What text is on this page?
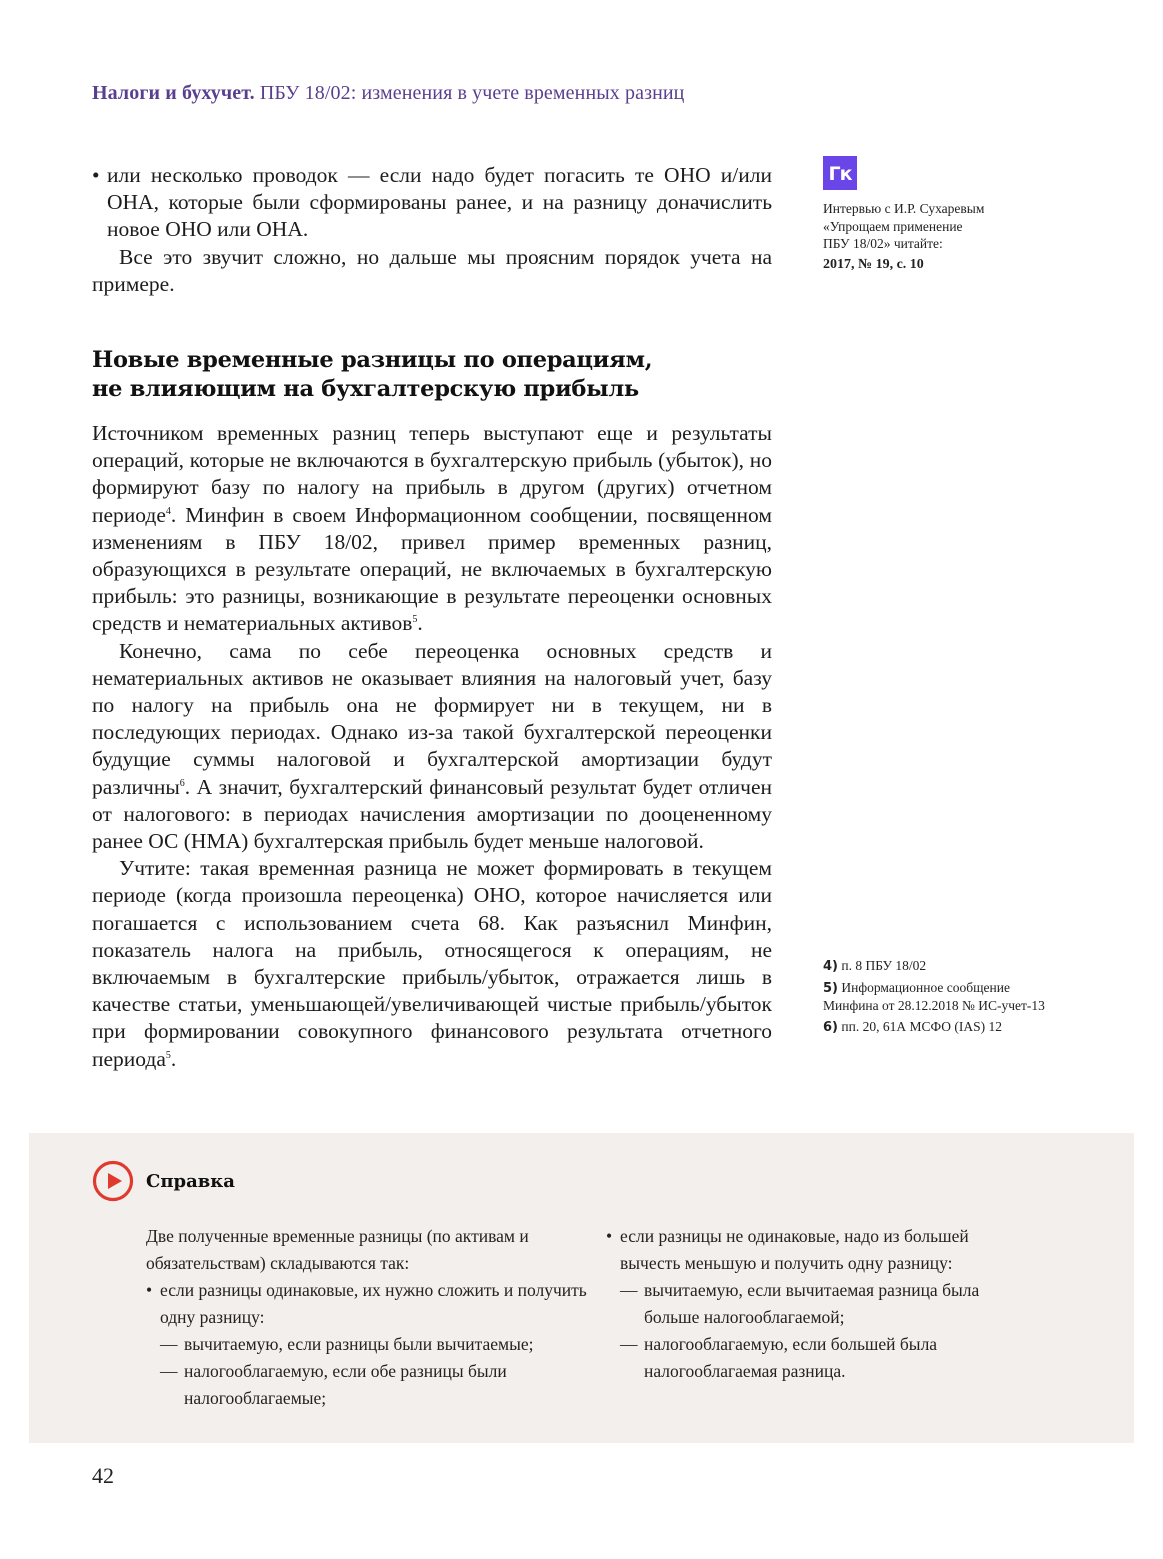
Налоги и бухучет. ПБУ 18/02: изменения в учете временных разниц

• или несколько проводок — если надо будет погасить те ОНО и/или ОНА, которые были сформированы ранее, и на разницу доначислить новое ОНО или ОНА.

Все это звучит сложно, но дальше мы проясним порядок учета на примере.

Новые временные разницы по операциям,
не влияющим на бухгалтерскую прибыль

Источником временных разниц теперь выступают еще и результаты операций, которые не включаются в бухгалтерскую прибыль (убыток), но формируют базу по налогу на прибыль в другом (других) отчетном периоде$^4$. Минфин в своем Информационном сообщении, посвященном изменениям в ПБУ 18/02, привел пример временных разниц, образующихся в результате операций, не включаемых в бухгалтерскую прибыль: это разницы, возникающие в результате переоценки основных средств и нематериальных активов$^5$.

Конечно, сама по себе переоценка основных средств и нематериальных активов не оказывает влияния на налоговый учет, базу по налогу на прибыль она не формирует ни в текущем, ни в последующих периодах. Однако из-за такой бухгалтерской переоценки будущие суммы налоговой и бухгалтерской амортизации будут различны$^6$. А значит, бухгалтерский финансовый результат будет отличен от налогового: в периодах начисления амортизации по дооцененному ранее ОС (НМА) бухгалтерская прибыль будет меньше налоговой.

Учтите: такая временная разница не может формировать в текущем периоде (когда произошла переоценка) ОНО, которое начисляется или погашается с использованием счета 68. Как разъяснил Минфин, показатель налога на прибыль, относящегося к операциям, не включаемым в бухгалтерские прибыль/убыток, отражается лишь в качестве статьи, уменьшающей/увеличивающей чистые прибыль/убыток при формировании совокупного финансового результата отчетного периода$^5$.

Гк
Интервью с И.Р. Сухаревым
«Упрощаем применение
ПБУ 18/02» читайте:
2017, № 19, с. 10
4) п. 8 ПБУ 18/02
5) Информационное сообщение Минфина от 28.12.2018 № ИС-учет-13
6) пп. 20, 61А МСФО (IAS) 12
Справка

Две полученные временные разницы (по активам и обязательствам) складываются так:

• если разницы одинаковые, их нужно сложить и получить одну разницу:

— вычитаемую, если разницы были вычитаемые;

— налогооблагаемую, если обе разницы были налогооблагаемые;

• если разницы не одинаковые, надо из большей вычесть меньшую и получить одну разницу:

— вычитаемую, если вычитаемая разница была больше налогооблагаемой;

— налогооблагаемую, если большей была налогооблагаемая разница.

42
